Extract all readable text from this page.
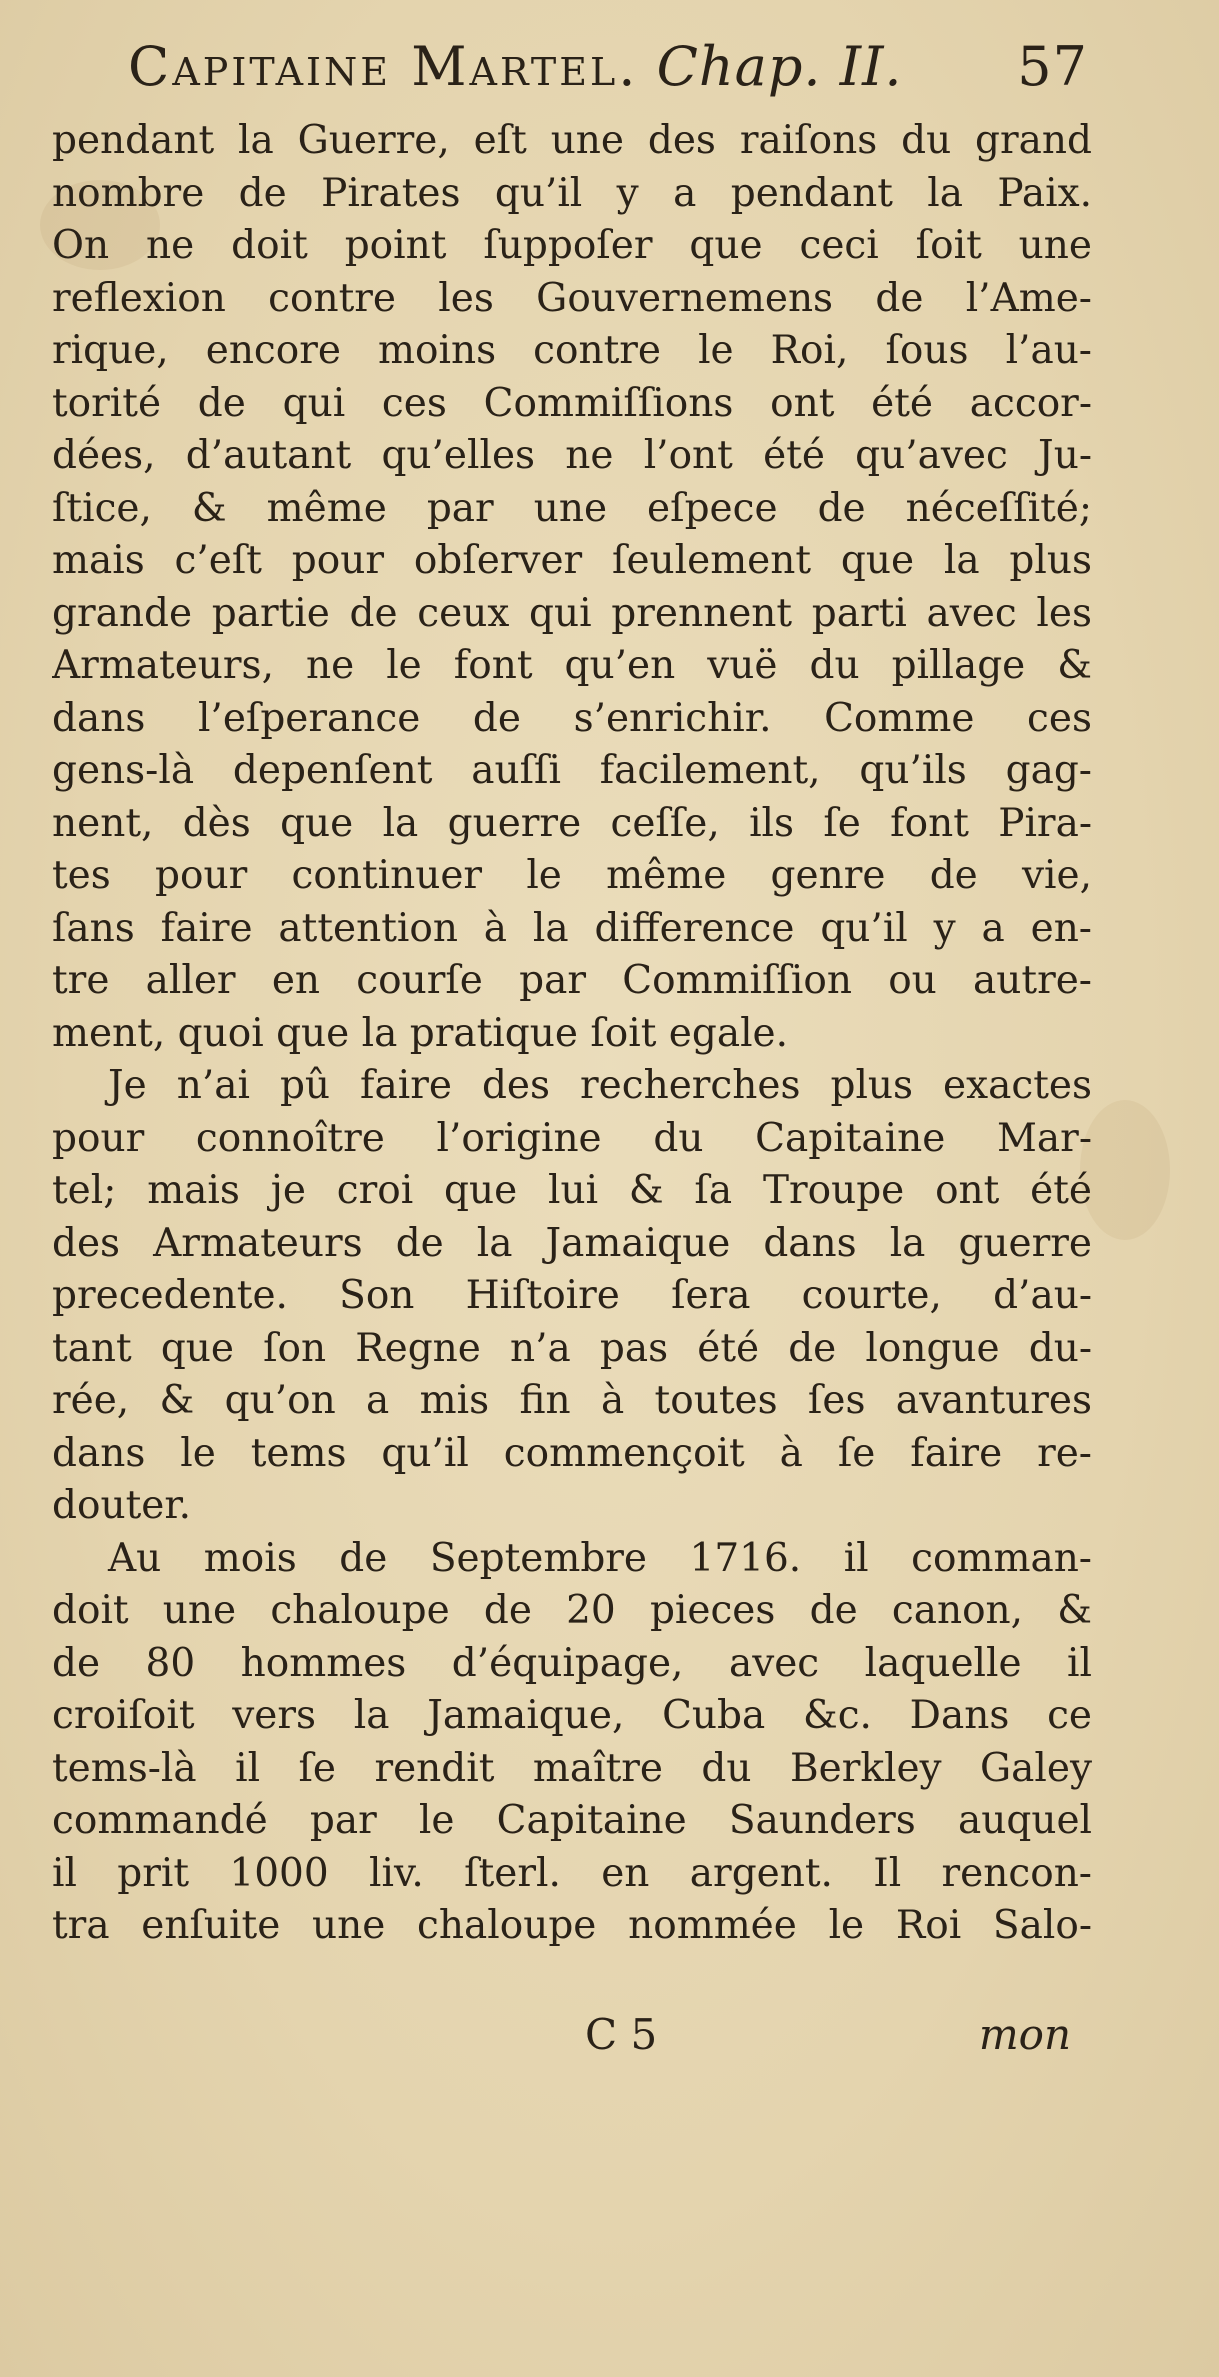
Capitaine Martel. Chap. II. 57
pendant la Guerre, eſt une des raiſons du grand
nombre de Pirates qu’il y a pendant la Paix.
On ne doit point ſuppoſer que ceci ſoit une
reflexion contre les Gouvernemens de l’Ame-
rique, encore moins contre le Roi, ſous l’au-
torité de qui ces Commiſſions ont été accor-
dées, d’autant qu’elles ne l’ont été qu’avec Ju-
ſtice, & même par une eſpece de néceſſité;
mais c’eſt pour obſerver ſeulement que la plus
grande partie de ceux qui prennent parti avec les
Armateurs, ne le font qu’en vuë du pillage &
dans l’eſperance de s’enrichir. Comme ces
gens-là depenſent auſſi facilement, qu’ils gag-
nent, dès que la guerre ceſſe, ils ſe font Pira-
tes pour continuer le même genre de vie,
ſans faire attention à la difference qu’il y a en-
tre aller en courſe par Commiſſion ou autre-
ment, quoi que la pratique ſoit egale.
Je n’ai pû faire des recherches plus exactes
pour connoître l’origine du Capitaine Mar-
tel; mais je croi que lui & ſa Troupe ont été
des Armateurs de la Jamaique dans la guerre
precedente. Son Hiſtoire ſera courte, d’au-
tant que ſon Regne n’a pas été de longue du-
rée, & qu’on a mis fin à toutes ſes avantures
dans le tems qu’il commençoit à ſe faire re-
douter.
Au mois de Septembre 1716. il comman-
doit une chaloupe de 20 pieces de canon, &
de 80 hommes d’équipage, avec laquelle il
croiſoit vers la Jamaique, Cuba &c. Dans ce
tems-là il ſe rendit maître du Berkley Galey
commandé par le Capitaine Saunders auquel
il prit 1000 liv. ſterl. en argent. Il rencon-
tra enſuite une chaloupe nommée le Roi Salo-
C 5	mon
